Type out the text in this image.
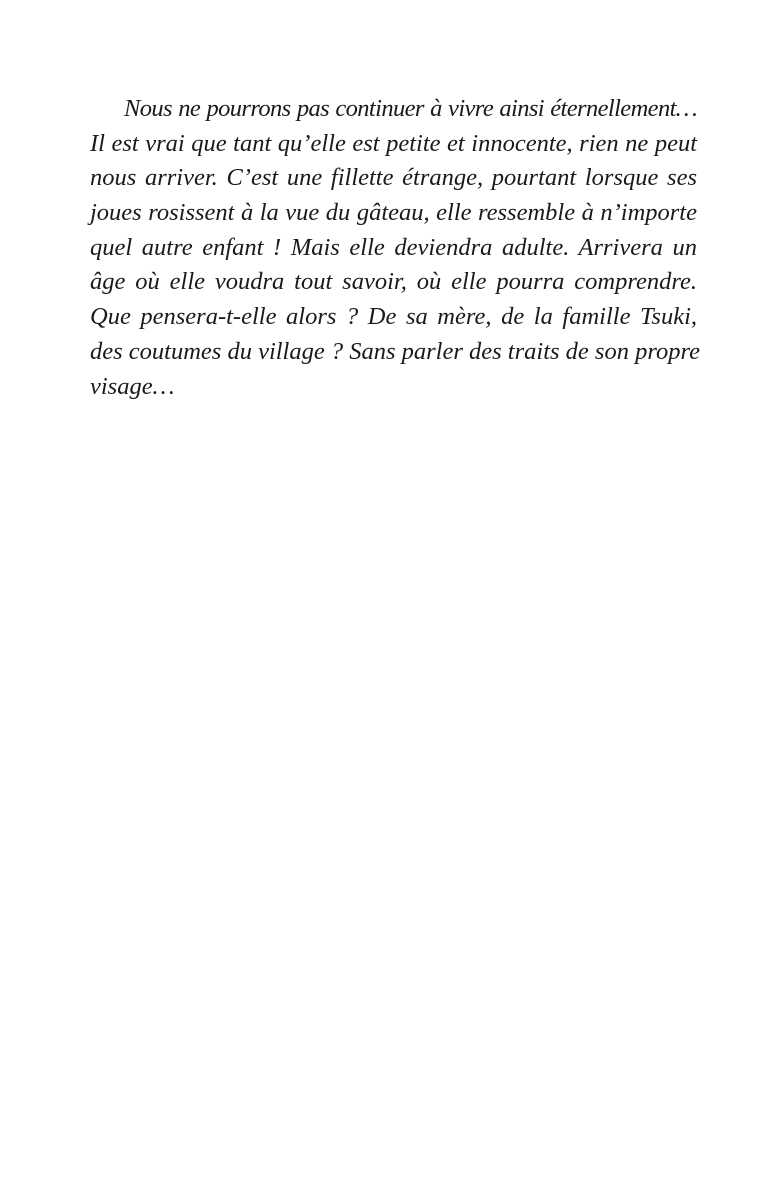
Nous ne pourrons pas continuer à vivre ainsi éternellement…
Il est vrai que tant qu’elle est petite et innocente, rien ne peut
nous arriver. C’est une fillette étrange, pourtant lorsque ses
joues rosissent à la vue du gâteau, elle ressemble à n’importe
quel autre enfant ! Mais elle deviendra adulte. Arrivera un
âge où elle voudra tout savoir, où elle pourra comprendre.
Que pensera-t-elle alors ? De sa mère, de la famille Tsuki,
des coutumes du village ? Sans parler des traits de son propre
visage…
